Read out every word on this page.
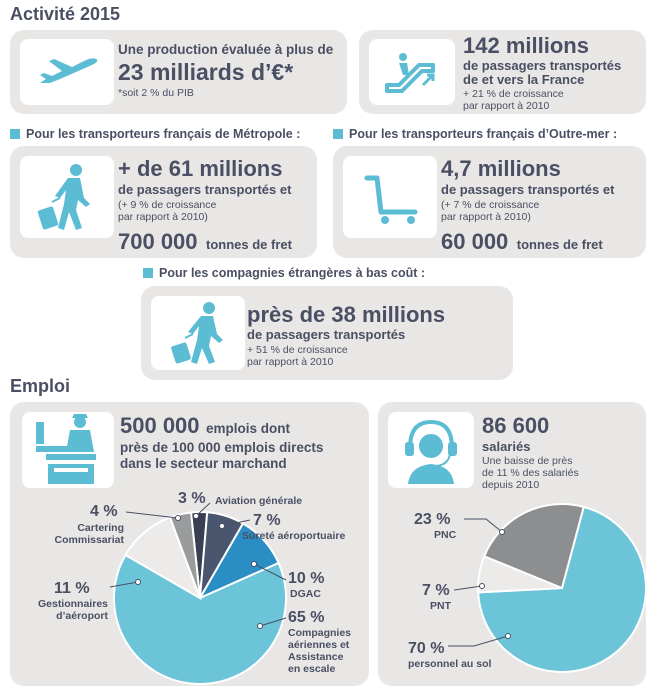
Activité 2015
Une production évaluée à plus de
23 milliards d’€*
*soit 2 % du PIB
142 millions
de passagers transportés
de et vers la France
+ 21 % de croissance
par rapport à 2010
Pour les transporteurs français de Métropole :	Pour les transporteurs français d’Outre-mer :
+ de 61 millions
de passagers transportés et
(+ 9 % de croissance
par rapport à 2010)
700 000 tonnes de fret
4,7 millions
de passagers transportés et
(+ 7 % de croissance
par rapport à 2010)
60 000 tonnes de fret
Pour les compagnies étrangères à bas coût :
près de 38 millions
de passagers transportés
+ 51 % de croissance
par rapport à 2010
Emploi
500 000 emplois dont
près de 100 000 emplois directs
dans le secteur marchand
3 % Aviation générale
7 %
Sûreté aéroportuaire
10 %
DGAC
65 %
Compagnies
aériennes et
Assistance
en escale
11 %
Gestionnaires
d’aéroport
4 %
Cartering
Commissariat
86 600
salariés
Une baisse de près
de 11 % des salariés
depuis 2010
23 %
PNC
7 %
PNT
70 %
personnel au sol
